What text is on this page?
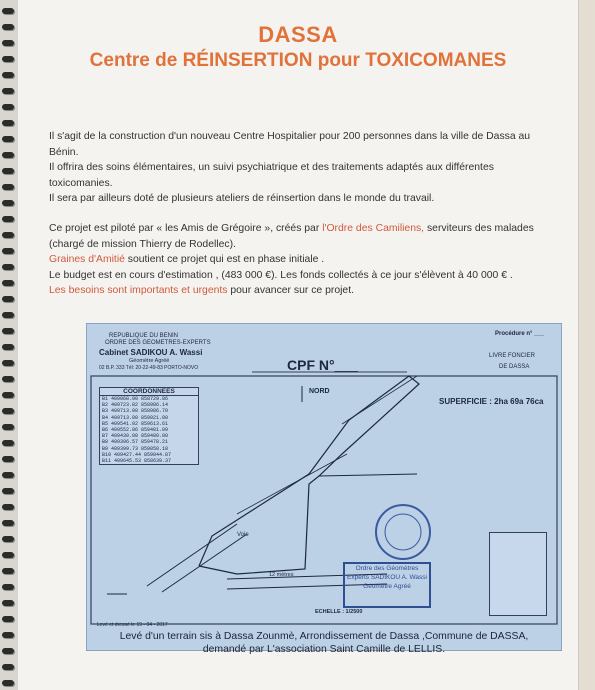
DASSA
Centre de RÉINSERTION pour TOXICOMANES

Il s'agit de la construction d'un nouveau Centre Hospitalier pour 200 personnes dans la ville de Dassa au Bénin.

Il offrira des soins élémentaires, un suivi psychiatrique et des traitements adaptés aux différentes toxicomanies.

Il sera par ailleurs doté de plusieurs ateliers de réinsertion dans le monde du travail.

Ce projet est piloté par « les Amis de Grégoire », créés par l'Ordre des Camiliens, serviteurs des malades (chargé de mission Thierry de Rodellec).

Graines d'Amitié soutient ce projet qui est en phase initiale .

Le budget est en cours d'estimation , (483 000 €). Les fonds collectés à ce jour s'élèvent à 40 000 € .

Les besoins sont importants et urgents pour avancer sur ce projet.

REPUBLIQUE DU BENIN
ORDRE DES GEOMETRES-EXPERTS
Cabinet SADIKOU A. Wassi
Géomètre Agréé
02 B.P. 333 Tél: 20-22-49-83 PORTO-NOVO	CPF N°___
Procédure n° ___
LIVRE FONCIER
DE DASSA
NORD
SUPERFICIE : 2ha 69a 76ca
COORDONNEES
B1 409068.00 858729.86
B2 409723.82 858986.14
B3 409713.00 858986.70
B4 409713.00 859021.00
B5 409541.02 859613.61
B6 409552.86 859481.09
B7 409430.00 859480.00
B8 409396.57 859478.21
B9 409399.73 859050.18
B10 409427.44 859044.87
B11 409645.53 858639.37
Voie
12 mètres
ECHELLE : 1/2500
Ordre des Géomètres Experts SADIKOU A. Wassi Géomètre Agréé
Levé et dressé le 19 - 04 - 2017
Levé d'un terrain sis à Dassa Zounmè, Arrondissement de Dassa ,Commune de DASSA,
demandé par L'association Saint Camille de LELLIS.
